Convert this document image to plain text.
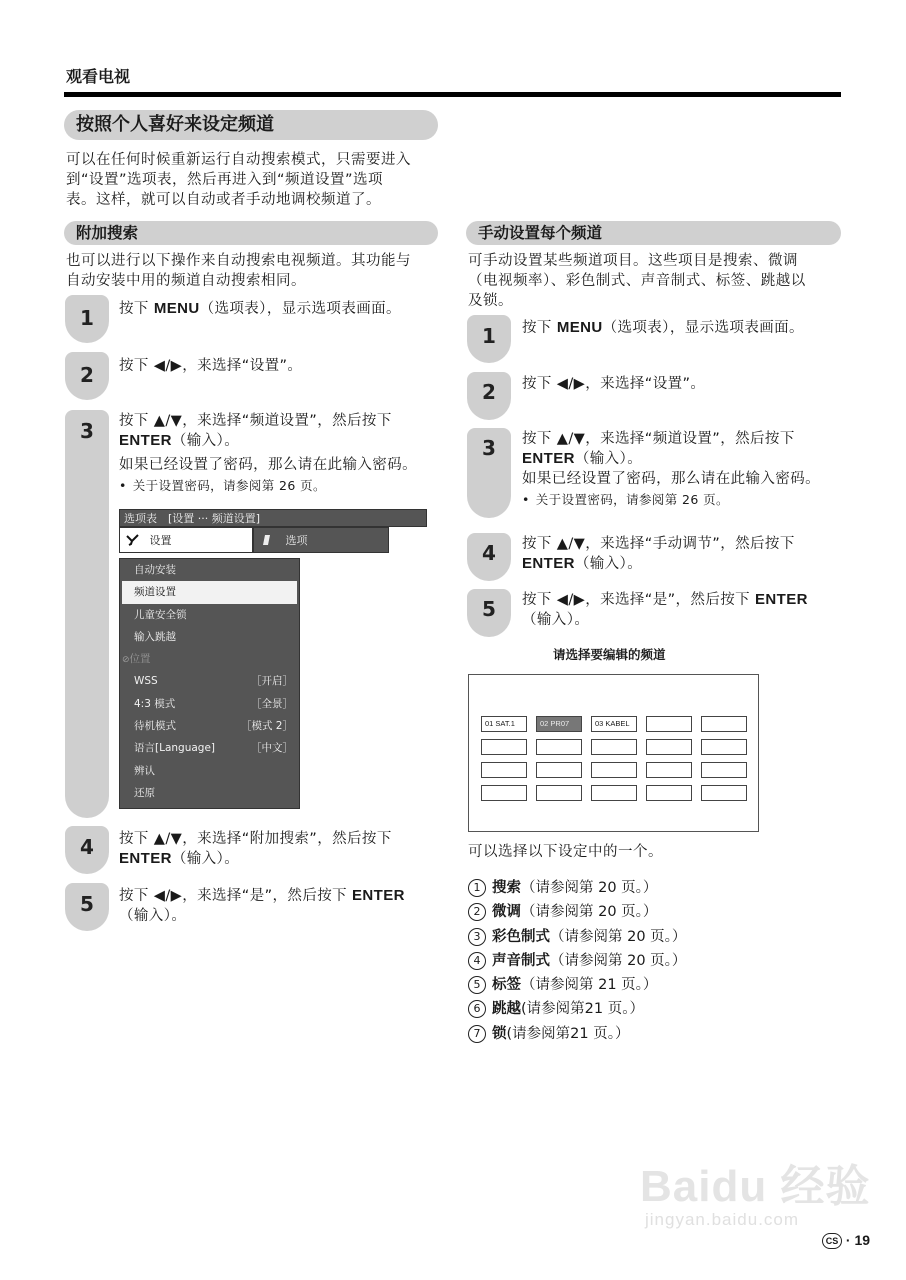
观看电视
按照个人喜好来设定频道
可以在任何时候重新运行自动搜索模式，只需要进入
到“设置”选项表，然后再进入到“频道设置”选项
表。这样，就可以自动或者手动地调校频道了。
附加搜索
也可以进行以下操作来自动搜索电视频道。其功能与
自动安装中用的频道自动搜索相同。
1	按下 MENU（选项表），显示选项表画面。
2	按下 ◀/▶，来选择“设置”。
3	按下 ▲/▼，来选择“频道设置”，然后按下
ENTER（输入）。
如果已经设置了密码，那么请在此输入密码。
• 关于设置密码，请参阅第 26 页。
选项表　[设置 ··· 频道设置]
设置	选项
自动安装
频道设置
儿童安全锁
输入跳越
⊘位置
WSS	［开启］
4:3 模式	［全景］
待机模式	［模式 2］
语言[Language]	［中文］
辨认
还原
4	按下 ▲/▼，来选择“附加搜索”，然后按下
ENTER（输入）。
5	按下 ◀/▶，来选择“是”，然后按下 ENTER
（输入）。
手动设置每个频道
可手动设置某些频道项目。这些项目是搜索、微调
（电视频率）、彩色制式、声音制式、标签、跳越以
及锁。
1	按下 MENU（选项表），显示选项表画面。
2	按下 ◀/▶，来选择“设置”。
3	按下 ▲/▼，来选择“频道设置”，然后按下
ENTER（输入）。
如果已经设置了密码，那么请在此输入密码。
• 关于设置密码，请参阅第 26 页。
4	按下 ▲/▼，来选择“手动调节”，然后按下
ENTER（输入）。
5	按下 ◀/▶，来选择“是”，然后按下 ENTER
（输入）。
请选择要编辑的频道
01 SAT.1	02 PR07	03 KABEL
可以选择以下设定中的一个。
1 搜索（请参阅第 20 页。）
2 微调（请参阅第 20 页。）
3 彩色制式（请参阅第 20 页。）
4 声音制式（请参阅第 20 页。）
5 标签（请参阅第 21 页。）
6 跳越(请参阅第21 页。）
7 锁(请参阅第21 页。）
Baidu 经验
jingyan.baidu.com
CS · 19
